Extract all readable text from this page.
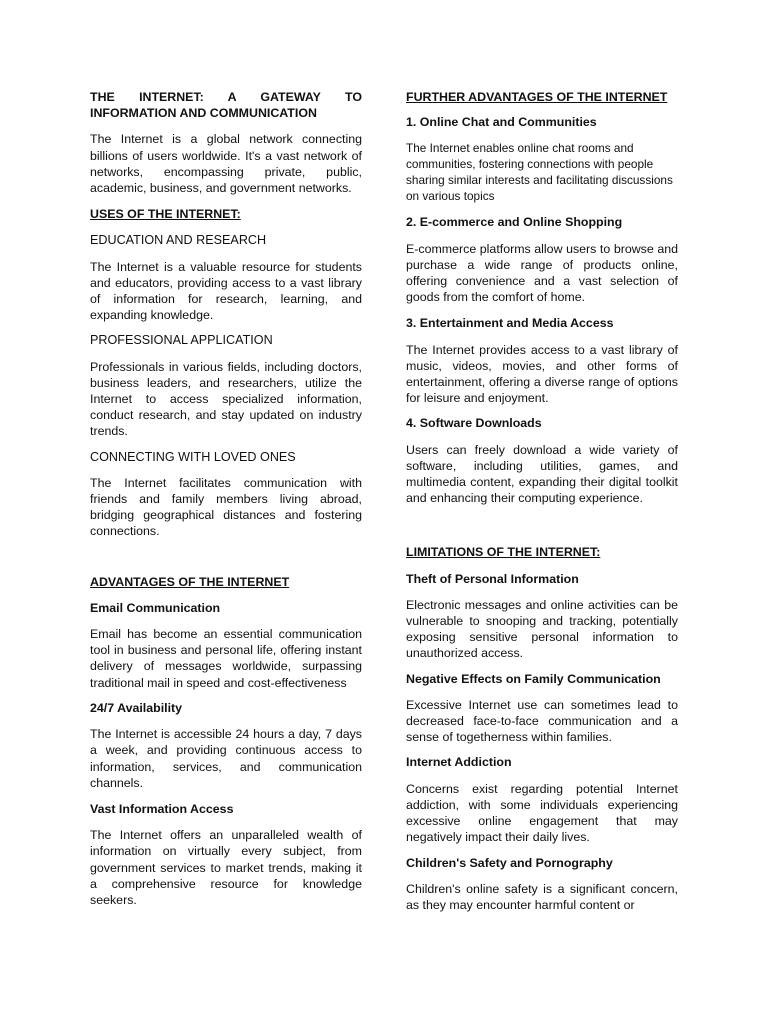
THE INTERNET: A GATEWAY TO INFORMATION AND COMMUNICATION

The Internet is a global network connecting billions of users worldwide. It's a vast network of networks, encompassing private, public, academic, business, and government networks.

USES OF THE INTERNET:

EDUCATION AND RESEARCH

The Internet is a valuable resource for students and educators, providing access to a vast library of information for research, learning, and expanding knowledge.

PROFESSIONAL APPLICATION

Professionals in various fields, including doctors, business leaders, and researchers, utilize the Internet to access specialized information, conduct research, and stay updated on industry trends.

CONNECTING WITH LOVED ONES

The Internet facilitates communication with friends and family members living abroad, bridging geographical distances and fostering connections.

ADVANTAGES OF THE INTERNET

Email Communication

Email has become an essential communication tool in business and personal life, offering instant delivery of messages worldwide, surpassing traditional mail in speed and cost-effectiveness

24/7 Availability

The Internet is accessible 24 hours a day, 7 days a week, and providing continuous access to information, services, and communication channels.

Vast Information Access

The Internet offers an unparalleled wealth of information on virtually every subject, from government services to market trends, making it a comprehensive resource for knowledge seekers.

FURTHER ADVANTAGES OF THE INTERNET

1. Online Chat and Communities

The Internet enables online chat rooms and communities, fostering connections with people sharing similar interests and facilitating discussions on various topics

2. E-commerce and Online Shopping

E-commerce platforms allow users to browse and purchase a wide range of products online, offering convenience and a vast selection of goods from the comfort of home.

3. Entertainment and Media Access

The Internet provides access to a vast library of music, videos, movies, and other forms of entertainment, offering a diverse range of options for leisure and enjoyment.

4. Software Downloads

Users can freely download a wide variety of software, including utilities, games, and multimedia content, expanding their digital toolkit and enhancing their computing experience.

LIMITATIONS OF THE INTERNET:

Theft of Personal Information

Electronic messages and online activities can be vulnerable to snooping and tracking, potentially exposing sensitive personal information to unauthorized access.

Negative Effects on Family Communication

Excessive Internet use can sometimes lead to decreased face-to-face communication and a sense of togetherness within families.

Internet Addiction

Concerns exist regarding potential Internet addiction, with some individuals experiencing excessive online engagement that may negatively impact their daily lives.

Children's Safety and Pornography

Children's online safety is a significant concern, as they may encounter harmful content or
